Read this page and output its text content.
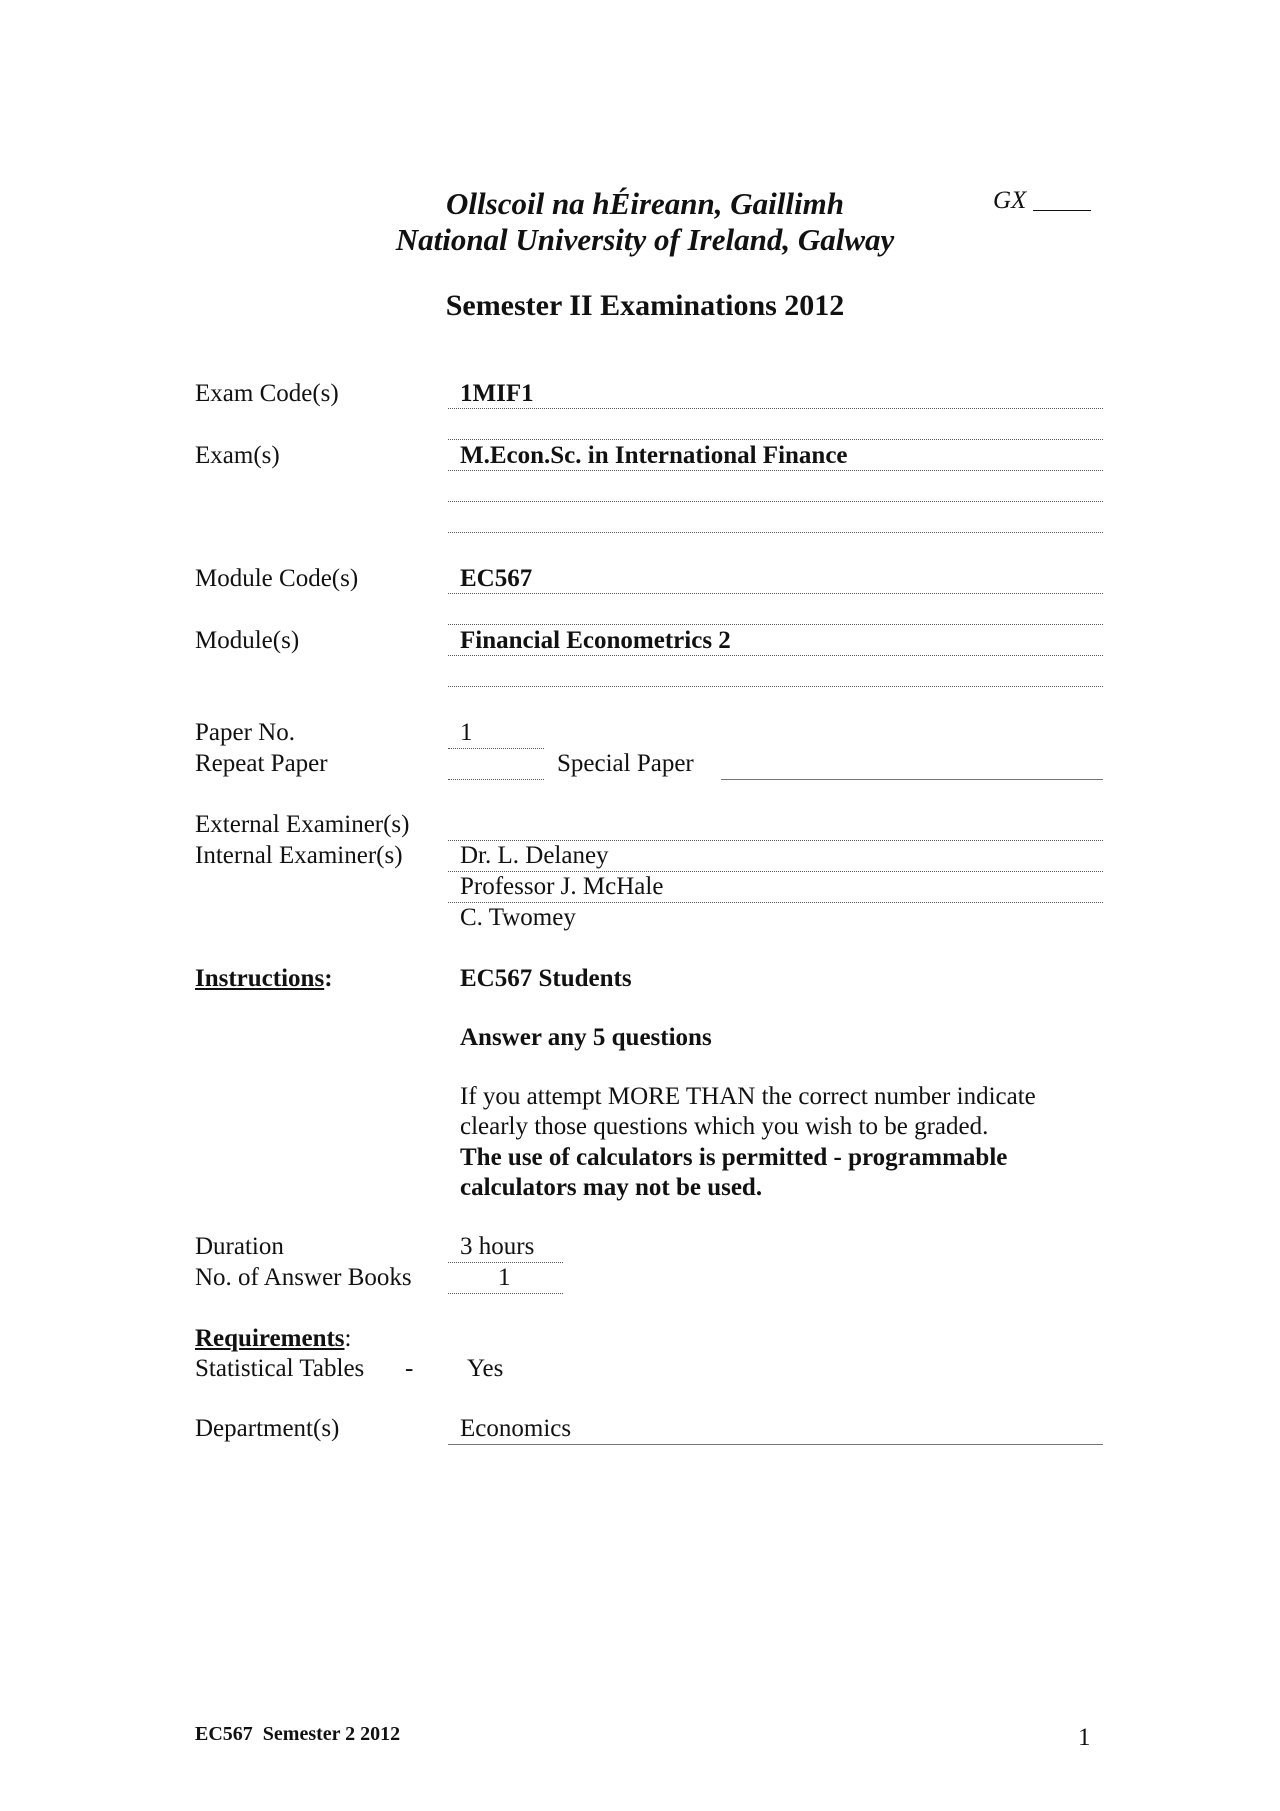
Ollscoil na hÉireann, Gaillimh
National University of Ireland, Galway
GX
Semester II Examinations 2012
Exam Code(s)	1MIF1
Exam(s)	M.Econ.Sc. in International Finance
Module Code(s)	EC567
Module(s)	Financial Econometrics 2
Paper No.	1
Repeat Paper	Special Paper
External Examiner(s)
Internal Examiner(s) Dr. L. Delaney
Professor J. McHale
C. Twomey
Instructions:	EC567 Students
Answer any 5 questions
If you attempt MORE THAN the correct number indicate
clearly those questions which you wish to be graded.
The use of calculators is permitted - programmable
calculators may not be used.
Duration	3 hours
No. of Answer Books	1
Requirements:
Statistical Tables - Yes
Department(s)	Economics
EC567  Semester 2 2012	1
